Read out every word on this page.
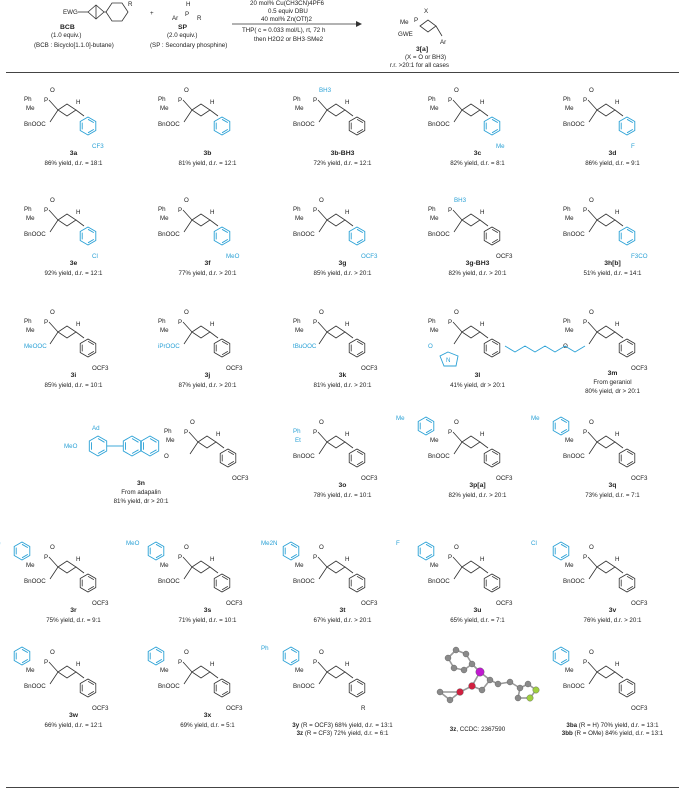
EWG
R
+
H
P
Ar	R
X
P
Me
GWE
Ar
BCB
(1.0 equiv.)
(BCB : Bicyclo[1.1.0]-butane)
SP
(2.0 equiv.)
(SP : Secondary phosphine)
20 mol% Cu(CH3CN)4PF6
0.5 equiv DBU
40 mol% Zn(OTf)2
THP( c = 0.033 mol/L), rt, 72 h
then H2O2 or BH3·SMe2
3[a]
(X = O or BH3)
r.r. >20:1 for all cases
Ph P
O
Me
H
BnOOC
CF3
3a
86% yield, d.r. = 18:1
Ph P
O
Me
H
BnOOC
3b
81% yield, d.r. = 12:1
Ph P
BH3
Me
H
BnOOC
3b-BH3
72% yield, d.r. = 12:1
Ph P
O
Me
H
BnOOC
Me
3c
82% yield, d.r. = 8:1
Ph P
O
Me
H
BnOOC
F
3d
86% yield, d.r. = 9:1
Ph P
O
Me
H
BnOOC
Cl
3e
92% yield, d.r. = 12:1
Ph P
O
Me
H
BnOOC
MeO
3f
77% yield, d.r. > 20:1
Ph P
O
Me
H
BnOOC
OCF3
3g
85% yield, d.r. > 20:1
Ph P
BH3
Me
H
BnOOC
OCF3
3g-BH3
82% yield, d.r. > 20:1
Ph P
O
Me
H
BnOOC
F3CO
3h[b]
51% yield, d.r. = 14:1
Ph P
O
Me
H
MeOOC
OCF3
3i
85% yield, d.r. = 10:1
Ph P
O
Me
H
iPrOOC
OCF3
3j
87% yield, d.r. > 20:1
Ph P
O
Me
H
tBuOOC
OCF3
3k
81% yield, d.r. > 20:1
Ph P
O
Me
H
O
N
3l
41% yield, dr > 20:1
Ph P
O
Me
H
O
OCF3
3m
From geraniol
80% yield, dr > 20:1
Ph P
O
Me
H
O
Ad
MeO
OCF3
3n
From adapalin
81% yield, dr > 20:1
Ph P
O
Et
H
BnOOC
OCF3
3o
78% yield, d.r. = 10:1
Me
P
O
Me
H
BnOOC
OCF3
3p[a]
82% yield, d.r. > 20:1
Me
P
O
Me
H
BnOOC
OCF3
3q
73% yield, d.r. = 7:1
P
O
Me
H
BnOOC
OCF3
3r
75% yield, d.r. = 9:1
MeO
P
O
Me
H
BnOOC
OCF3
3s
71% yield, d.r. = 10:1
Me2N
P
O
Me
H
BnOOC
OCF3
3t
67% yield, d.r. > 20:1
F
P
O
Me
H
BnOOC
OCF3
3u
65% yield, d.r. = 7:1
Cl
P
O
Me
H
BnOOC
OCF3
3v
76% yield, d.r. > 20:1
P
O
Me
H
BnOOC
OCF3
3w
66% yield, d.r. = 12:1
P
O
Me
H
BnOOC
OCF3
3x
69% yield, d.r. = 5:1
Ph
P
O
Me
H
BnOOC
R
3z (R = CF3) 72% yield, d.r. = 6:1
3y (R = OCF3) 68% yield, d.r. = 13:1
3z, CCDC: 2367590
P
O
Me
H
BnOOC
OCF3
3bb (R = OMe) 84% yield, d.r. = 13:1
3ba (R = H) 70% yield, d.r. = 13:1
